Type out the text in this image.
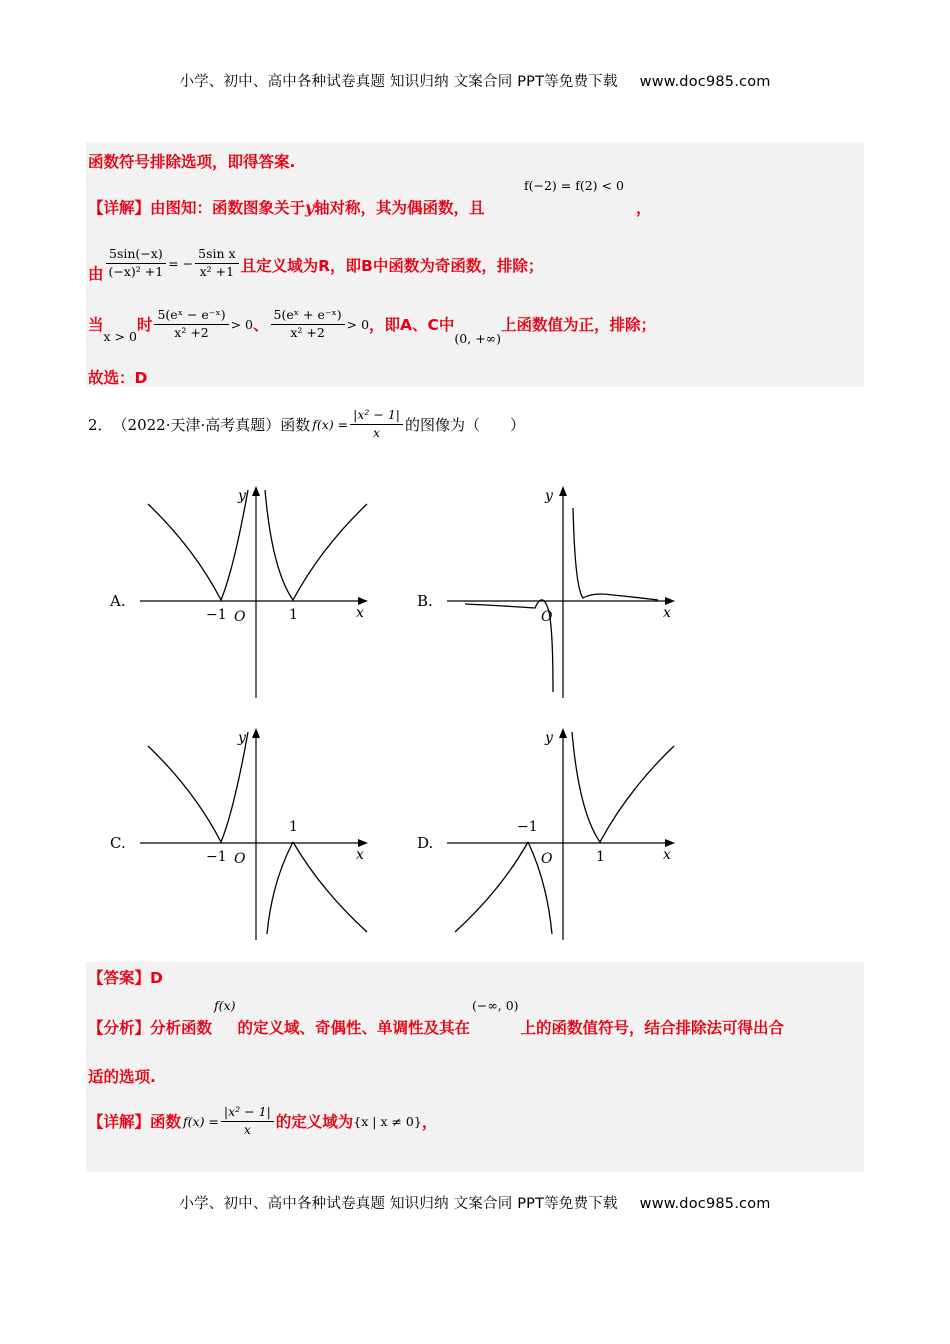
小学、初中、高中各种试卷真题 知识归纳 文案合同 PPT等免费下载 www.doc985.com
函数符号排除选项，即得答案.
【详解】由图知：函数图象关于y轴对称，其为偶函数，且
f(−2) = f(2) < 0
，
由 $\frac{5\sin(-x)}{\text{(−x)² +1}}$ = − $\frac{\text{5sin x}}{\text{x² +1}}$ 且定义域为R，即B中函数为奇函数，排除；
当
x > 0
时 $\frac{\text{5(eˣ − e⁻ˣ)}}{\text{x² +2}} > 0$ 、 $\frac{\text{5(eˣ + e⁻ˣ)}}{\text{x² +2}} > 0$ ，即A、C中
(0, +∞)
上函数值为正，排除；
故选：D
2． （2022·天津·高考真题）函数 $f(x) = \frac{\text{|x² − 1|}}{x}$ 的图像为（　　）
A.
x
y
O
−1	1
B.
x
y
O
C.
x
y
O
−1
1
D.
x
y
O
−1
1
【答案】D
【分析】 分析函数
f(x)
的定义域、奇偶性、单调性及其在
(−∞, 0)
上的函数值符号，结合排除法可得出合
适的选项.
【详解】 函数 $f(x) = \frac{\text{|x² − 1|}}{x}$ 的定义域为 {x | x ≠ 0} ，
小学、初中、高中各种试卷真题 知识归纳 文案合同 PPT等免费下载 www.doc985.com
